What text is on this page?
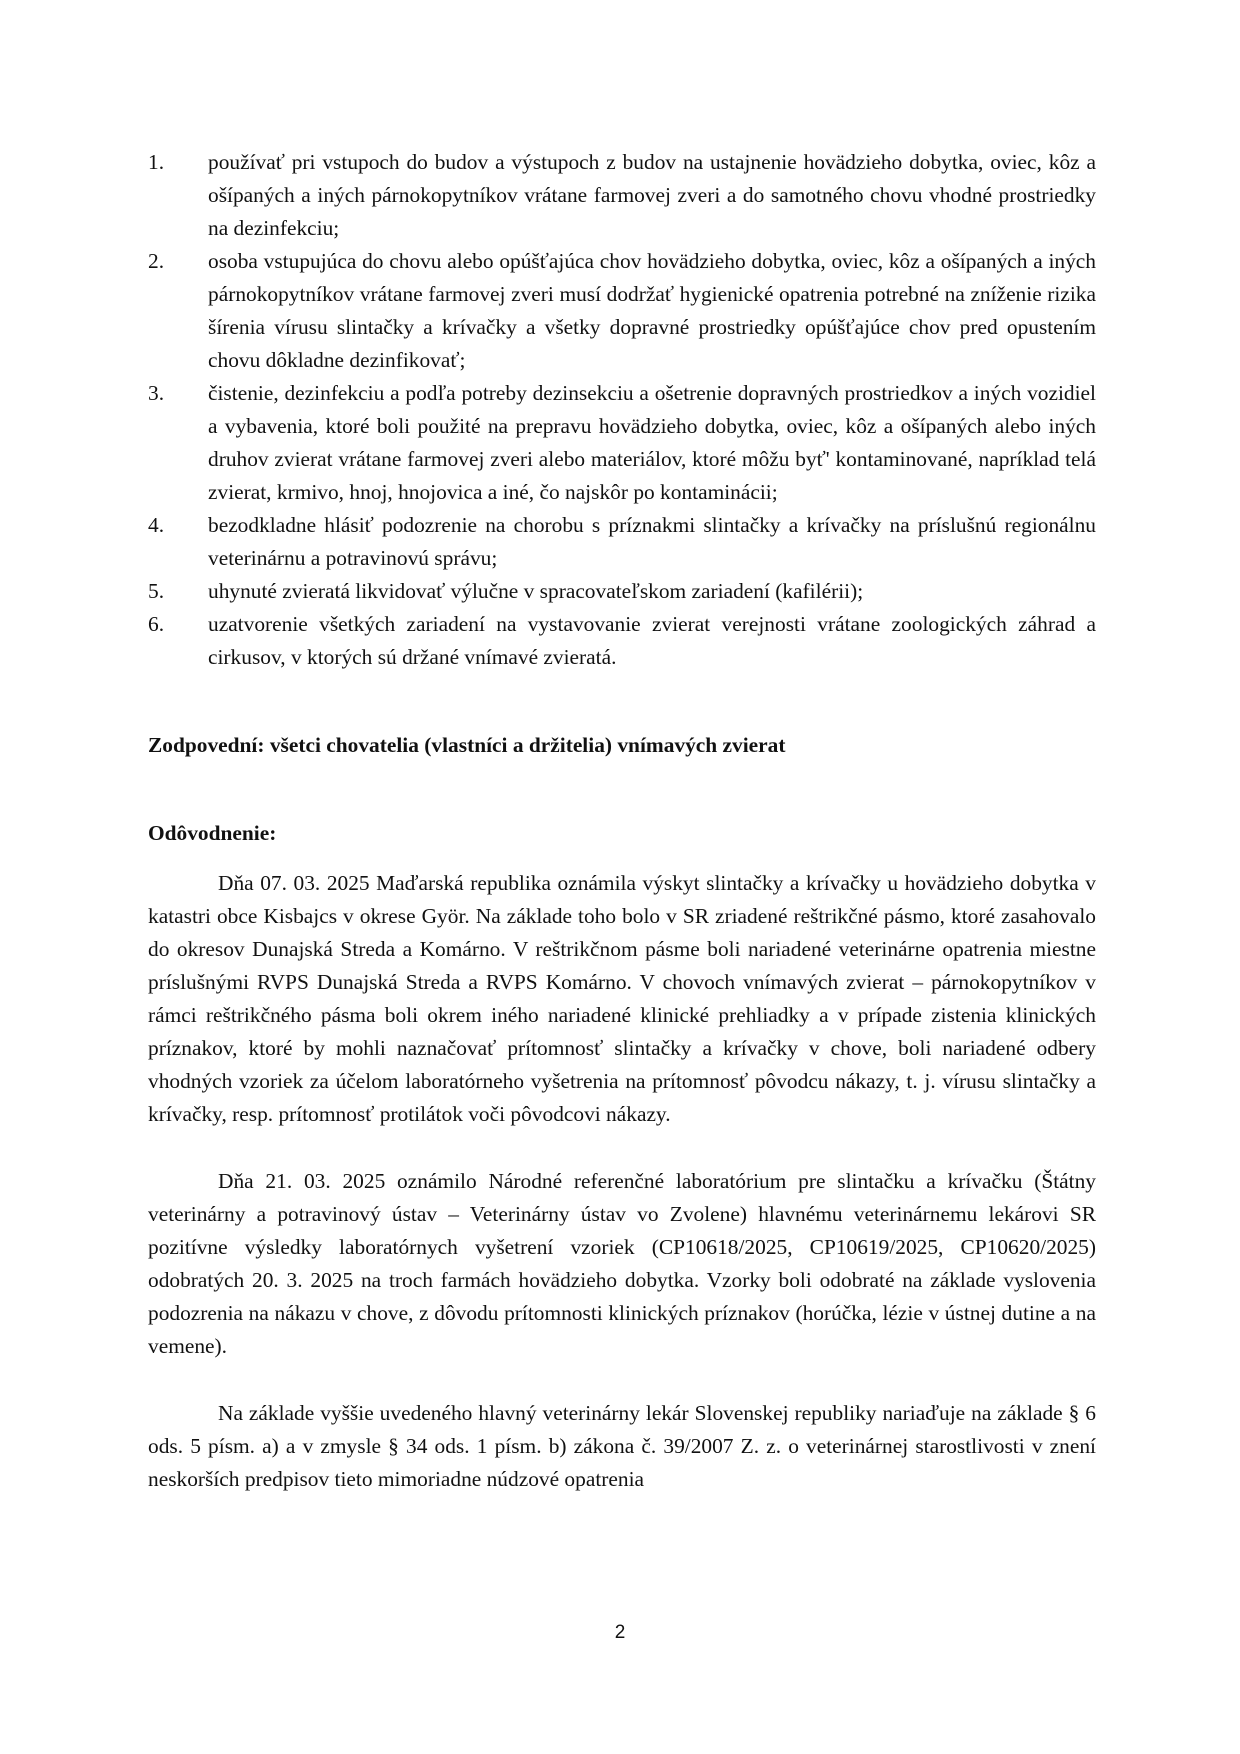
1. používať pri vstupoch do budov a výstupoch z budov na ustajnenie hovädzieho dobytka, oviec, kôz a ošípaných a iných párnokopytníkov vrátane farmovej zveri a do samotného chovu vhodné prostriedky na dezinfekciu;
2. osoba vstupujúca do chovu alebo opúšťajúca chov hovädzieho dobytka, oviec, kôz a ošípaných a iných párnokopytníkov vrátane farmovej zveri musí dodržať hygienické opatrenia potrebné na zníženie rizika šírenia vírusu slintačky a krívačky a všetky dopravné prostriedky opúšťajúce chov pred opustením chovu dôkladne dezinfikovať;
3. čistenie, dezinfekciu a podľa potreby dezinsekciu a ošetrenie dopravných prostriedkov a iných vozidiel a vybavenia, ktoré boli použité na prepravu hovädzieho dobytka, oviec, kôz a ošípaných alebo iných druhov zvierat vrátane farmovej zveri alebo materiálov, ktoré môžu byť' kontaminované, napríklad telá zvierat, krmivo, hnoj, hnojovica a iné, čo najskôr po kontaminácii;
4. bezodkladne hlásiť podozrenie na chorobu s príznakmi slintačky a krívačky na príslušnú regionálnu veterinárnu a potravinovú správu;
5. uhynuté zvieratá likvidovať výlučne v spracovateľskom zariadení (kafilérii);
6. uzatvorenie všetkých zariadení na vystavovanie zvierat verejnosti vrátane zoologických záhrad a cirkusov, v ktorých sú držané vnímavé zvieratá.
Zodpovední: všetci chovatelia (vlastníci a držitelia) vnímavých zvierat
Odôvodnenie:

Dňa 07. 03. 2025 Maďarská republika oznámila výskyt slintačky a krívačky u hovädzieho dobytka v katastri obce Kisbajcs v okrese Györ. Na základe toho bolo v SR zriadené reštrikčné pásmo, ktoré zasahovalo do okresov Dunajská Streda a Komárno. V reštrikčnom pásme boli nariadené veterinárne opatrenia miestne príslušnými RVPS Dunajská Streda a RVPS Komárno. V chovoch vnímavých zvierat – párnokopytníkov v rámci reštrikčného pásma boli okrem iného nariadené klinické prehliadky a v prípade zistenia klinických príznakov, ktoré by mohli naznačovať prítomnosť slintačky a krívačky v chove, boli nariadené odbery vhodných vzoriek za účelom laboratórneho vyšetrenia na prítomnosť pôvodcu nákazy, t. j. vírusu slintačky a krívačky, resp. prítomnosť protilátok voči pôvodcovi nákazy.

Dňa 21. 03. 2025 oznámilo Národné referenčné laboratórium pre slintačku a krívačku (Štátny veterinárny a potravinový ústav – Veterinárny ústav vo Zvolene) hlavnému veterinárnemu lekárovi SR pozitívne výsledky laboratórnych vyšetrení vzoriek (CP10618/2025, CP10619/2025, CP10620/2025) odobratých 20. 3. 2025 na troch farmách hovädzieho dobytka. Vzorky boli odobraté na základe vyslovenia podozrenia na nákazu v chove, z dôvodu prítomnosti klinických príznakov (horúčka, lézie v ústnej dutine a na vemene).

Na základe vyššie uvedeného hlavný veterinárny lekár Slovenskej republiky nariaďuje na základe § 6 ods. 5 písm. a) a v zmysle § 34 ods. 1 písm. b) zákona č. 39/2007 Z. z. o veterinárnej starostlivosti v znení neskorších predpisov tieto mimoriadne núdzové opatrenia

2
